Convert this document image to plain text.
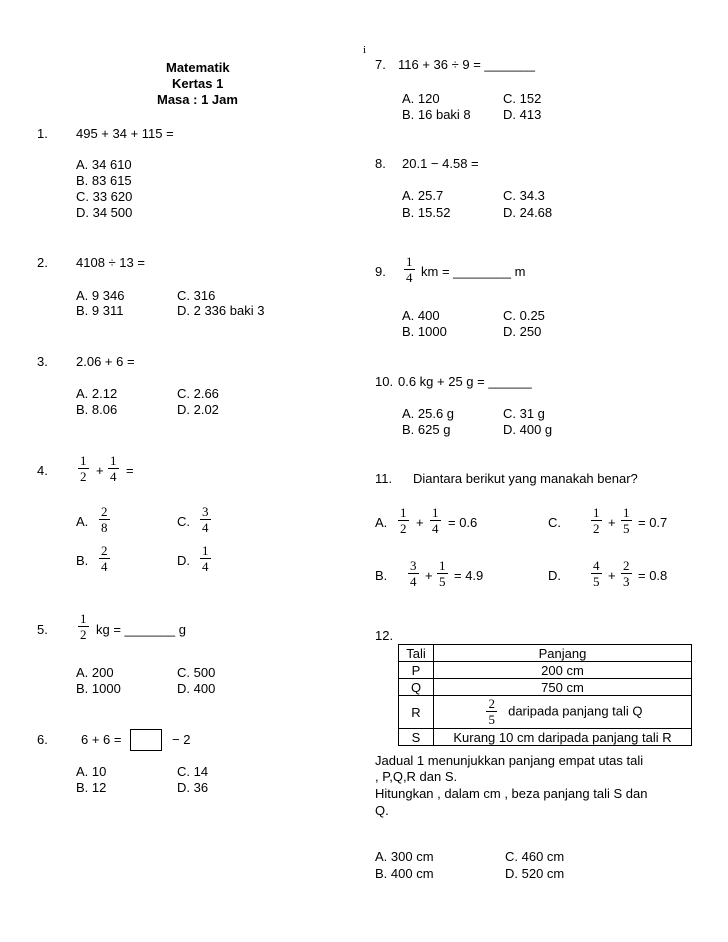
i
Matematik
Kertas 1
Masa : 1 Jam
1. 495 + 34 + 115 =
A. 34 610
B. 83 615
C. 33 620
D. 34 500
2. 4108 ÷ 13 =
A. 9 346
B. 9 311
C. 316
D. 2 336 baki 3
3. 2.06 + 6 =
A. 2.12
B. 8.06
C. 2.66
D. 2.02
4. $\frac{1}{2} + \frac{1}{4}$ =
A. $\frac{2}{8}$
B. $\frac{2}{4}$
C. $\frac{3}{4}$
D. $\frac{1}{4}$
5. $\frac{1}{2}$ kg = _______ g
A. 200
B. 1000
C. 500
D. 400
6.	6 + 6 =	− 2
A. 10
B. 12
C. 14
D. 36
7. 116 + 36 ÷ 9 = _______
A. 120
B. 16 baki 8
C. 152
D. 413
8. 20.1 − 4.58 =
A. 25.7
B. 15.52
C. 34.3
D. 24.68
9. $\frac{1}{4}$ km = ________ m
A. 400
B. 1000
C. 0.25
D. 250
10. 0.6 kg + 25 g = ______
A. 25.6 g
B. 625 g
C. 31 g
D. 400 g
11. Diantara berikut yang manakah benar?
A. $\frac{1}{2} + \frac{1}{4} = 0.6$
B. $\frac{3}{4} + \frac{1}{5} = 4.9$
C. $\frac{1}{2} + \frac{1}{5} = 0.7$
D. $\frac{4}{5} + \frac{2}{3} = 0.8$
12.
Tali	Panjang
P	200 cm
Q	750 cm
R	$\frac{2}{5}$ daripada panjang tali Q
S	Kurang 10 cm daripada panjang tali R
Jadual 1 menunjukkan panjang empat utas tali
, P,Q,R dan S.
Hitungkan , dalam cm , beza panjang tali S dan
Q.
A. 300 cm
B. 400 cm
C. 460 cm
D. 520 cm
